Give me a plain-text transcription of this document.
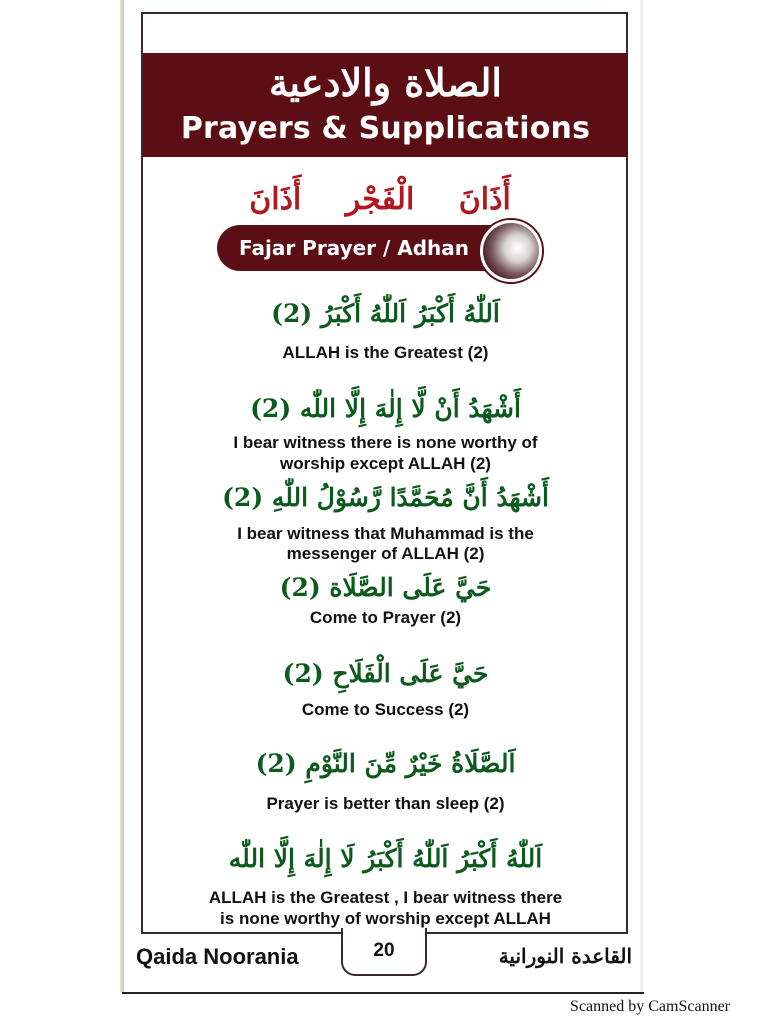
الصلاة والادعية
Prayers & Supplications
أَذَانَ الْفَجْر أَذَانَ
Fajar Prayer / Adhan
اَللّٰهُ أَكْبَرُ اَللّٰهُ أَكْبَرُ (2)
ALLAH is the Greatest (2)
أَشْهَدُ أَنْ لَّا إِلٰهَ إِلَّا اللّٰه (2)
I bear witness there is none worthy of
worship except ALLAH (2)
أَشْهَدُ أَنَّ مُحَمَّدًا رَّسُوْلُ اللّٰهِ (2)
I bear witness that Muhammad is the
messenger of ALLAH (2)
حَيَّ عَلَى الصَّلَاة (2)
Come to Prayer (2)
حَيَّ عَلَى الْفَلَاحِ (2)
Come to Success (2)
اَلصَّلَاةُ خَيْرٌ مِّنَ النَّوْمِ (2)
Prayer is better than sleep (2)
اَللّٰهُ أَكْبَرُ اَللّٰهُ أَكْبَرُ لَا إِلٰهَ إِلَّا اللّٰه
ALLAH is the Greatest , I bear witness there
is none worthy of worship except ALLAH
Qaida Noorania	20	القاعدة النورانية
Scanned by CamScanner
